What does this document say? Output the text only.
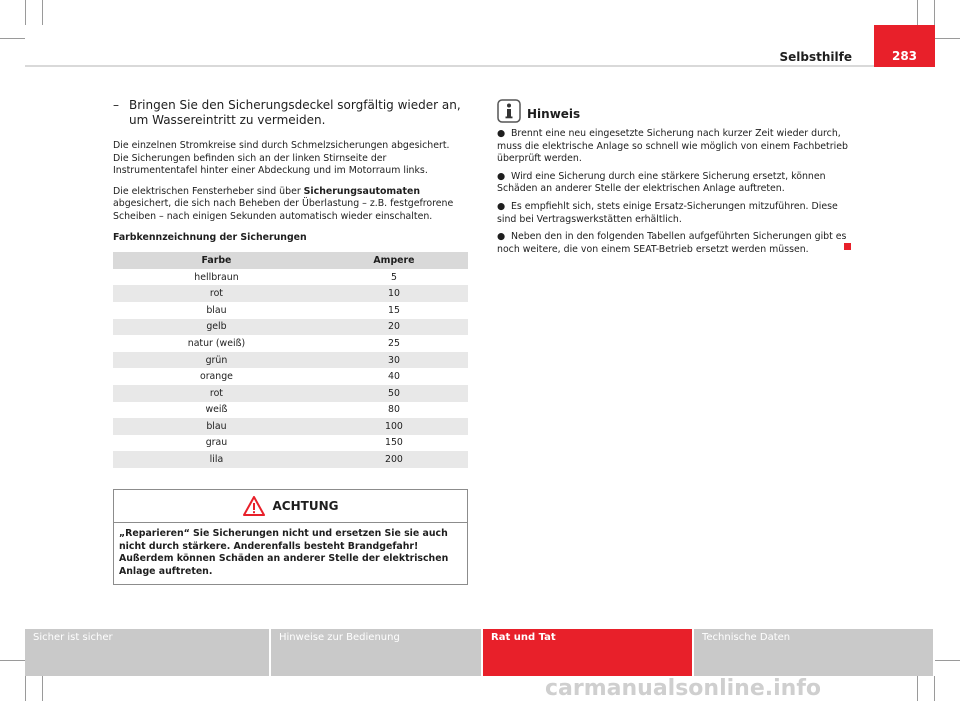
Selbsthilfe	283
– Bringen Sie den Sicherungsdeckel sorgfältig wieder an, um Wassereintritt zu vermeiden.

Die einzelnen Stromkreise sind durch Schmelzsicherungen abgesichert. Die Sicherungen befinden sich an der linken Stirnseite der Instrumententafel hinter einer Abdeckung und im Motorraum links.

Die elektrischen Fensterheber sind über Sicherungsautomaten abgesichert, die sich nach Beheben der Überlastung – z.B. festgefrorene Scheiben – nach einigen Sekunden automatisch wieder einschalten.

Farbkennzeichnung der Sicherungen
Farbe	Ampere
hellbraun	5
rot	10
blau	15
gelb	20
natur (weiß)	25
grün	30
orange	40
rot	50
weiß	80
blau	100
grau	150
lila	200
ACHTUNG
„Reparieren“ Sie Sicherungen nicht und ersetzen Sie sie auch nicht durch stärkere. Anderenfalls besteht Brandgefahr! Außerdem können Schäden an anderer Stelle der elektrischen Anlage auftreten.
Hinweis
● Brennt eine neu eingesetzte Sicherung nach kurzer Zeit wieder durch, muss die elektrische Anlage so schnell wie möglich von einem Fachbetrieb überprüft werden.
● Wird eine Sicherung durch eine stärkere Sicherung ersetzt, können Schäden an anderer Stelle der elektrischen Anlage auftreten.
● Es empfiehlt sich, stets einige Ersatz-Sicherungen mitzuführen. Diese sind bei Vertragswerkstätten erhältlich.
● Neben den in den folgenden Tabellen aufgeführten Sicherungen gibt es noch weitere, die von einem SEAT-Betrieb ersetzt werden müssen.
Sicher ist sicher	Hinweise zur Bedienung	Rat und Tat	Technische Daten
carmanualsonline.info
